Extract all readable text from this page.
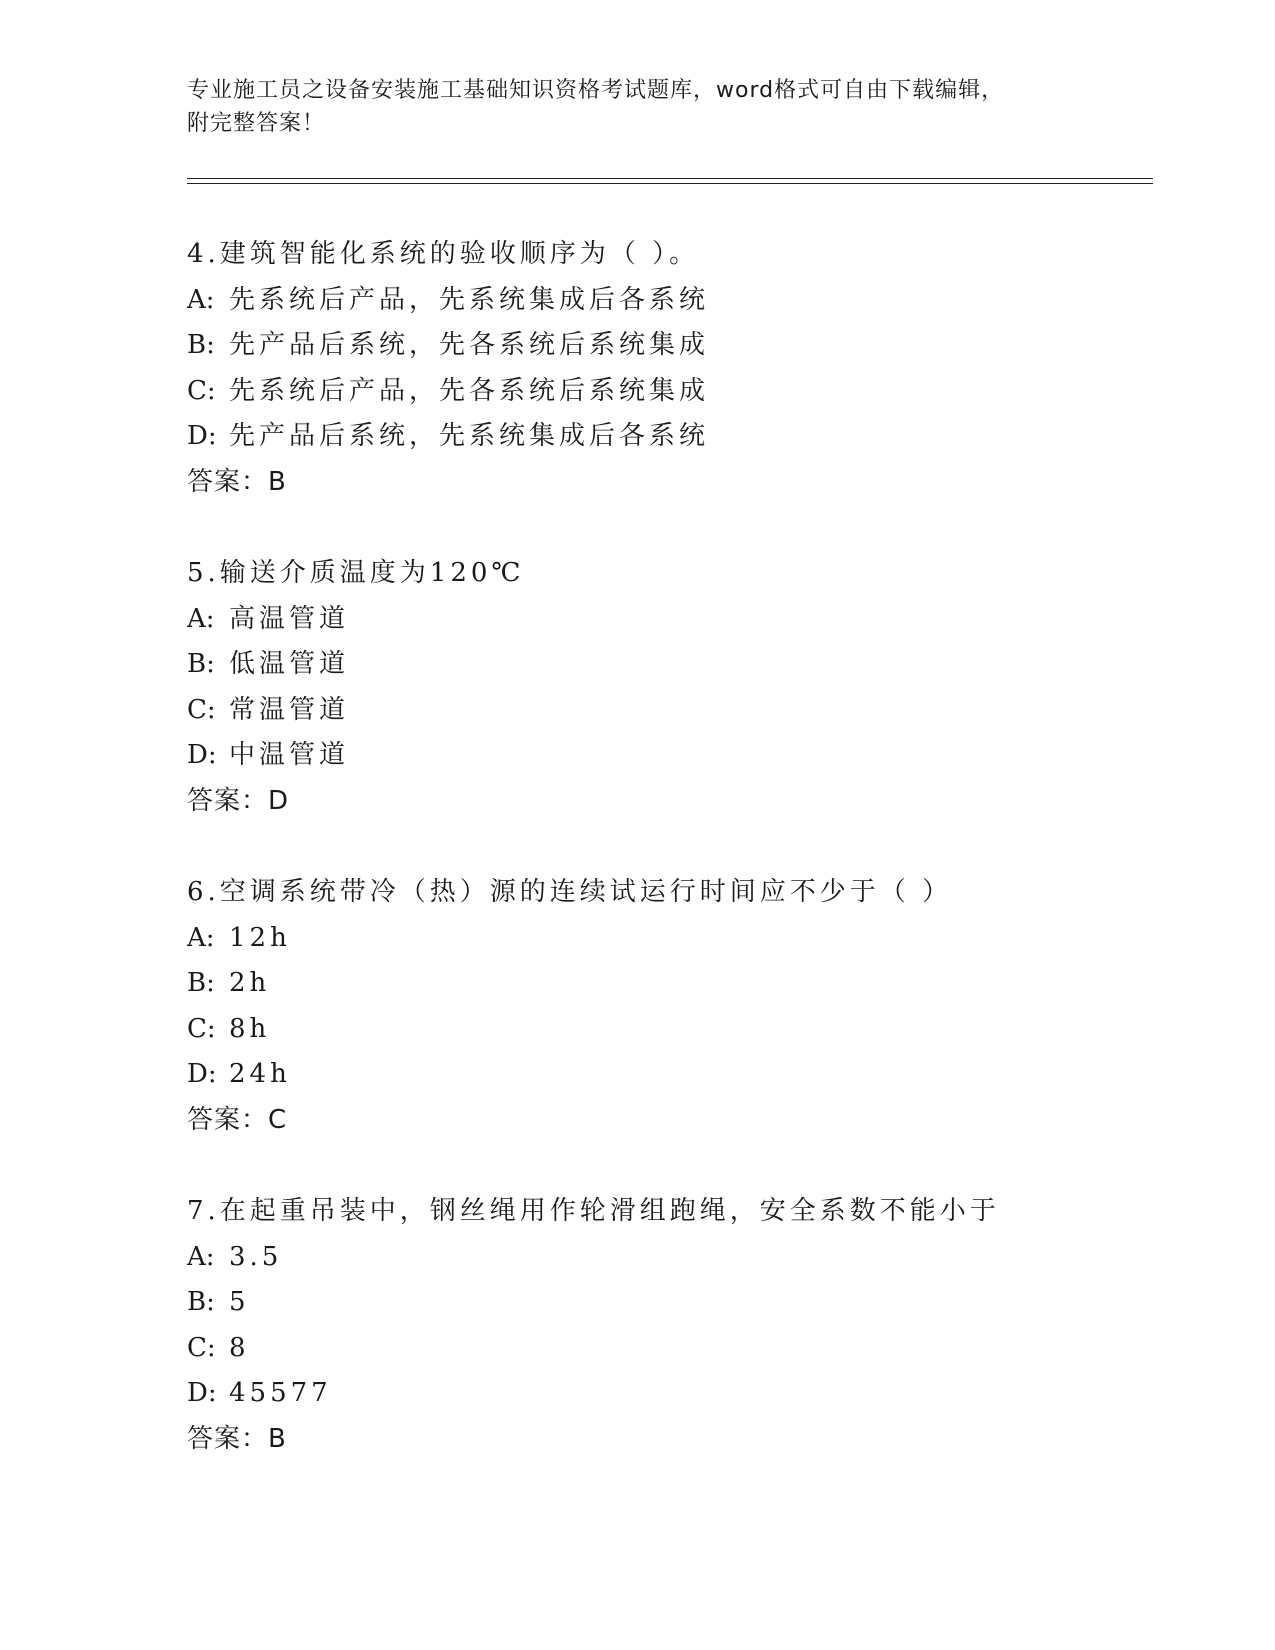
专业施工员之设备安装施工基础知识资格考试题库，word格式可自由下载编辑，
附完整答案！
4.建筑智能化系统的验收顺序为（ ）。
A: 先系统后产品，先系统集成后各系统
B: 先产品后系统，先各系统后系统集成
C: 先系统后产品，先各系统后系统集成
D: 先产品后系统，先系统集成后各系统
答案：B
5.输送介质温度为120℃
A: 高温管道
B: 低温管道
C: 常温管道
D: 中温管道
答案：D
6.空调系统带冷（热）源的连续试运行时间应不少于（ ）
A: 12h
B: 2h
C: 8h
D: 24h
答案：C
7.在起重吊装中，钢丝绳用作轮滑组跑绳，安全系数不能小于
A: 3.5
B: 5
C: 8
D: 45577
答案：B
